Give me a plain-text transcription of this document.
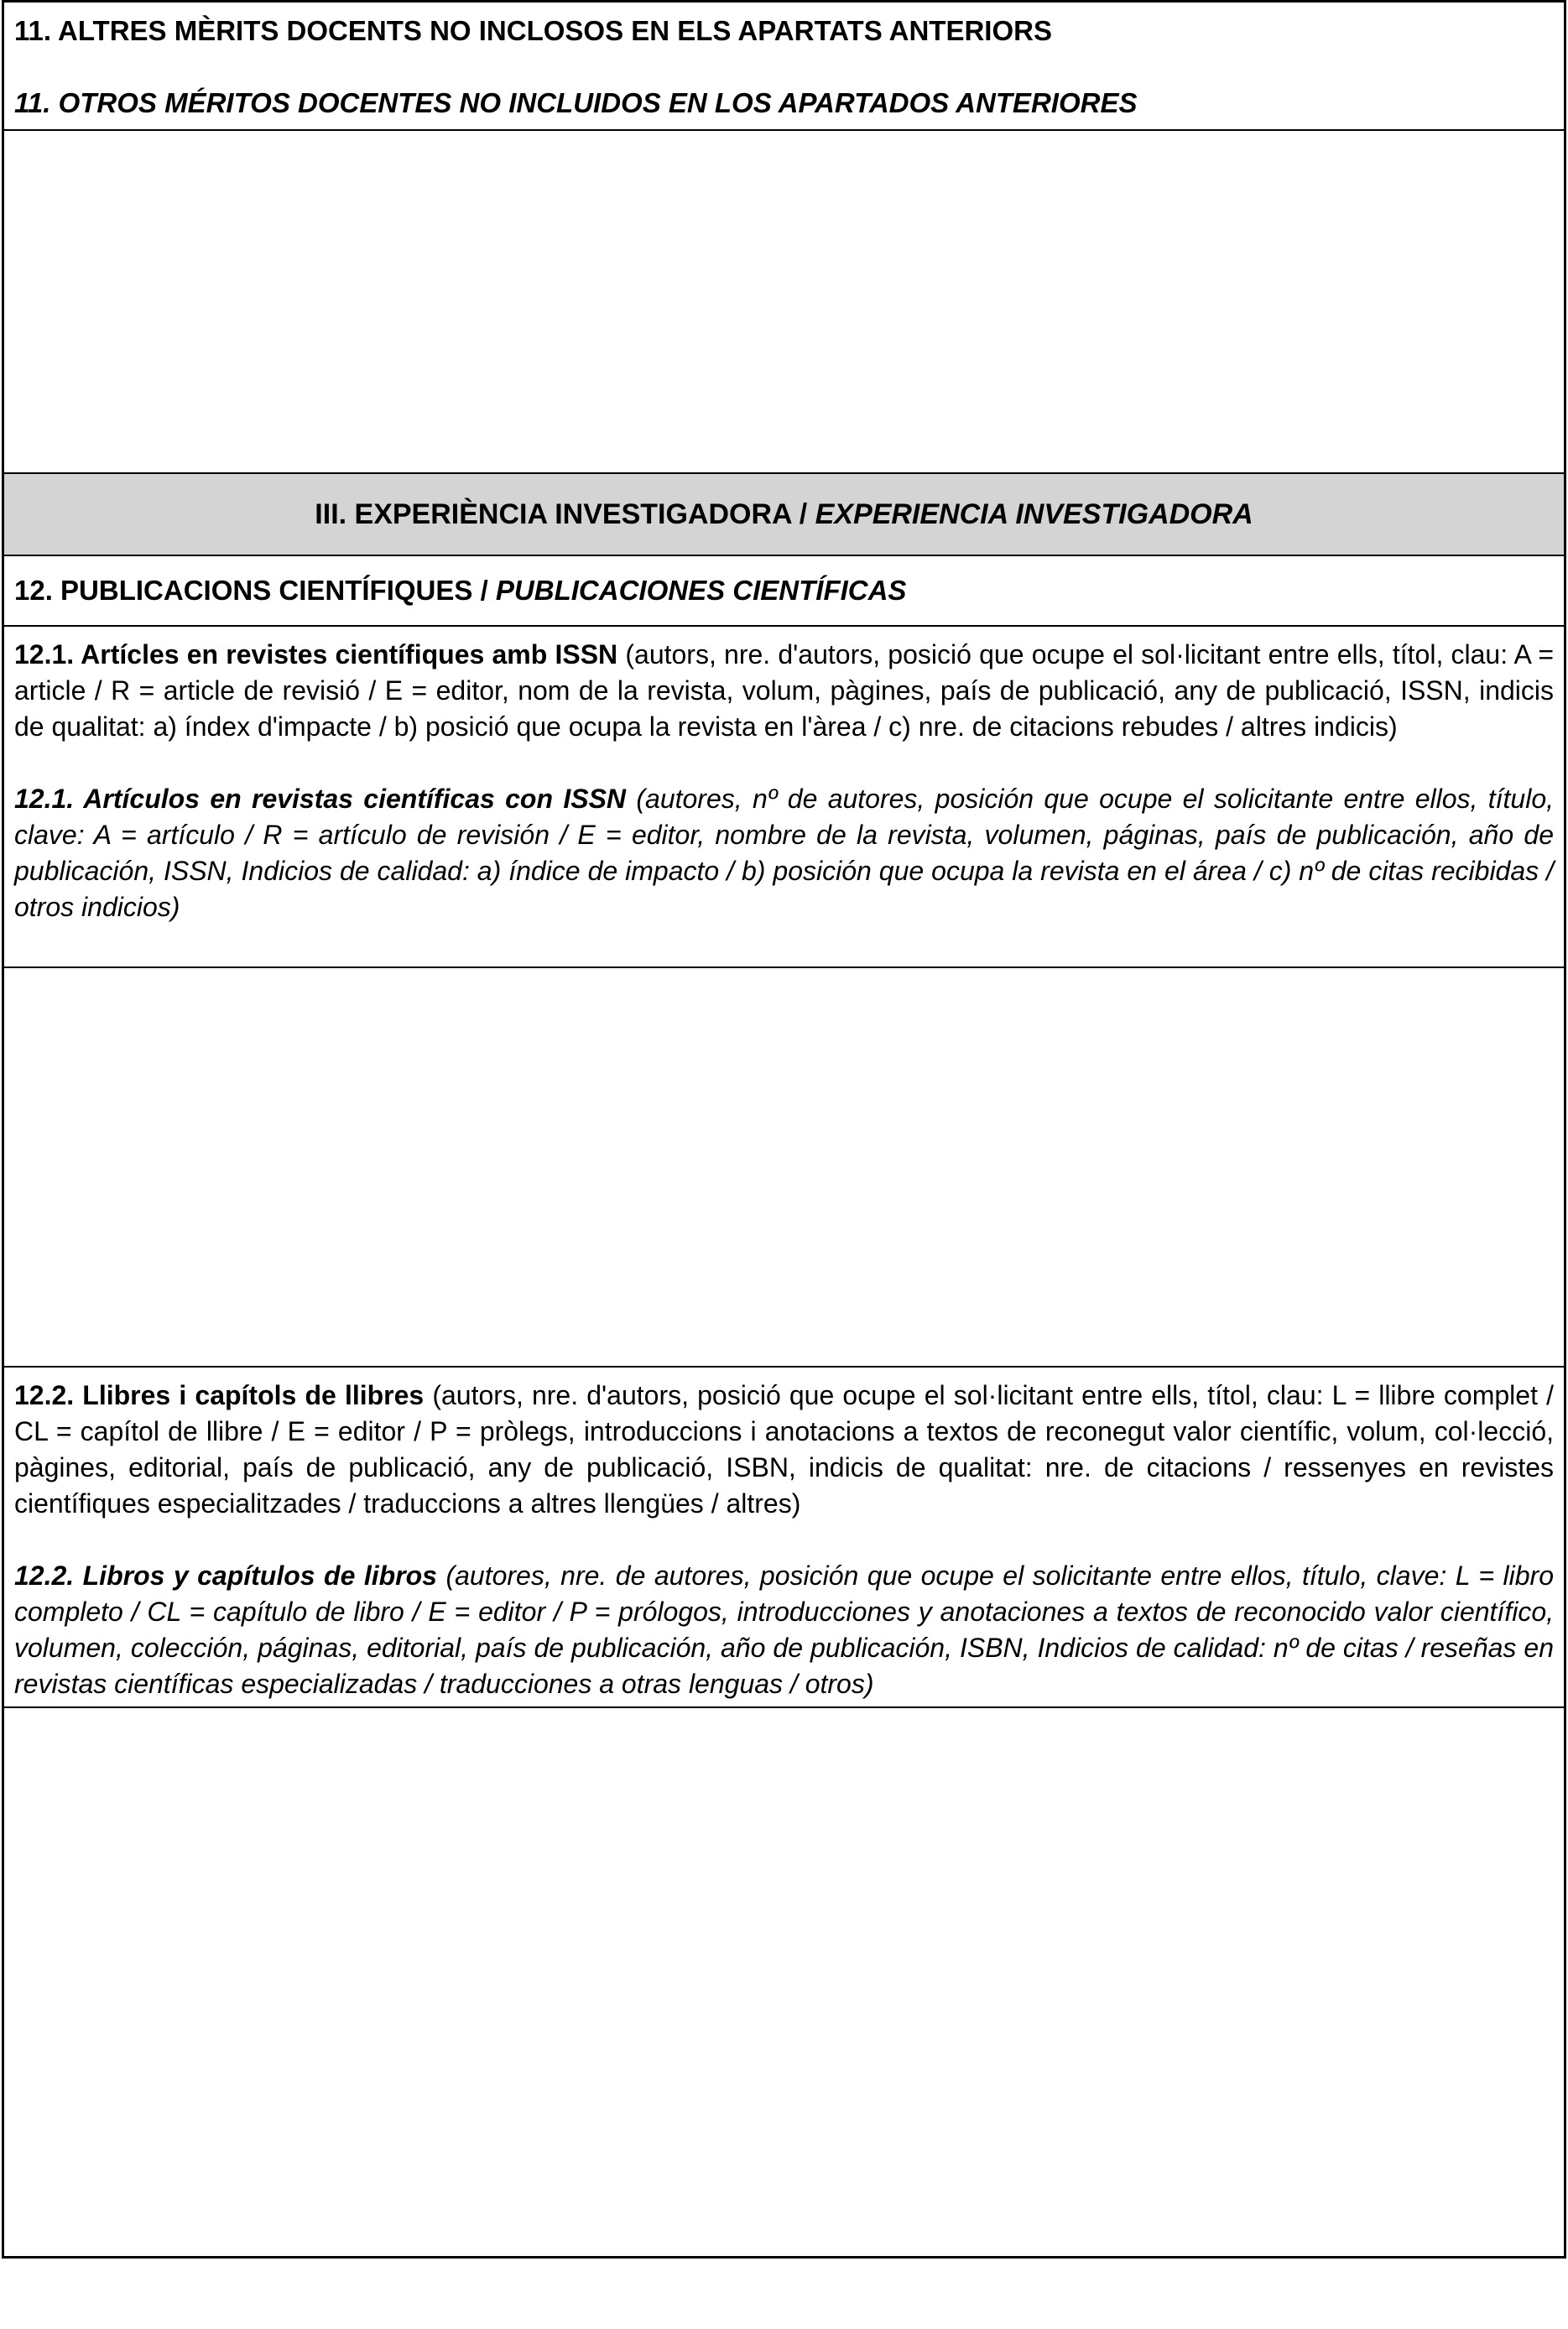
11. ALTRES MÈRITS DOCENTS NO INCLOSOS EN ELS APARTATS ANTERIORS
11. OTROS MÉRITOS DOCENTES NO INCLUIDOS EN LOS APARTADOS ANTERIORES
III. EXPERIÈNCIA INVESTIGADORA / EXPERIENCIA INVESTIGADORA
12. PUBLICACIONS CIENTÍFIQUES / PUBLICACIONES CIENTÍFICAS

12.1. Artícles en revistes científiques amb ISSN (autors, nre. d'autors, posició que ocupe el sol·licitant entre ells, títol, clau: A = article / R = article de revisió / E = editor, nom de la revista, volum, pàgines, país de publicació, any de publicació, ISSN, indicis de qualitat: a) índex d'impacte / b) posició que ocupa la revista en l'àrea / c) nre. de citacions rebudes / altres indicis)

12.1. Artículos en revistas científicas con ISSN (autores, nº de autores, posición que ocupe el solicitante entre ellos, título, clave: A = artículo / R = artículo de revisión / E = editor, nombre de la revista, volumen, páginas, país de publicación, año de publicación, ISSN, Indicios de calidad: a) índice de impacto / b) posición que ocupa la revista en el área / c) nº de citas recibidas / otros indicios)

12.2. Llibres i capítols de llibres (autors, nre. d'autors, posició que ocupe el sol·licitant entre ells, títol, clau: L = llibre complet / CL = capítol de llibre / E = editor / P = pròlegs, introduccions i anotacions a textos de reconegut valor científic, volum, col·lecció, pàgines, editorial, país de publicació, any de publicació, ISBN, indicis de qualitat: nre. de citacions / ressenyes en revistes científiques especialitzades / traduccions a altres llengües / altres)

12.2. Libros y capítulos de libros (autores, nre. de autores, posición que ocupe el solicitante entre ellos, título, clave: L = libro completo / CL = capítulo de libro / E = editor / P = prólogos, introducciones y anotaciones a textos de reconocido valor científico, volumen, colección, páginas, editorial, país de publicación, año de publicación, ISBN, Indicios de calidad: nº de citas / reseñas en revistas científicas especializadas / traducciones a otras lenguas / otros)
